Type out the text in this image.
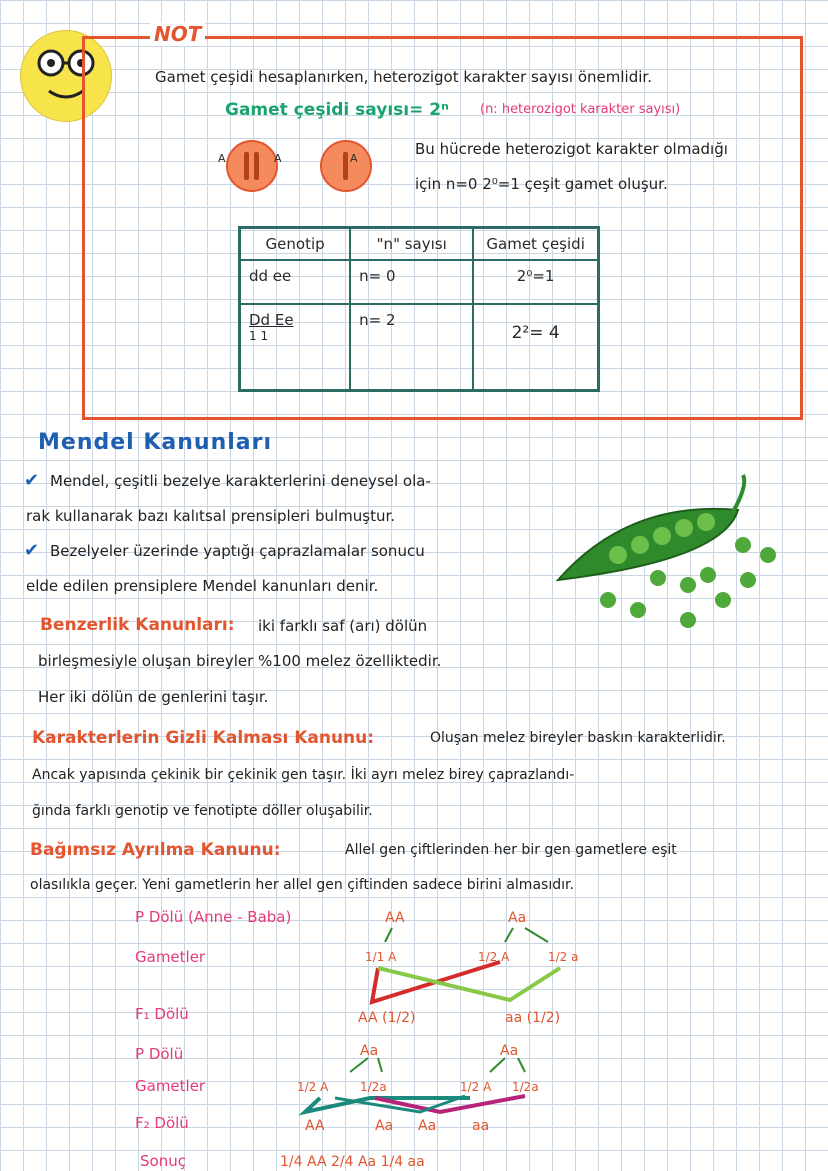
NOT
Gamet çeşidi hesaplanırken, heterozigot karakter sayısı önemlidir.
Gamet çeşidi sayısı= 2ⁿ (n: heterozigot karakter sayısı)
A	A	A
Bu hücrede heterozigot karakter olmadığı
için n=0 2⁰=1 çeşit gamet oluşur.
Genotip	"n" sayısı	Gamet çeşidi
dd ee	n= 0	2⁰=1

Dd Ee
1 1	n= 2	2²= 4
Mendel Kanunları
✔ Mendel, çeşitli bezelye karakterlerini deneysel ola-
rak kullanarak bazı kalıtsal prensipleri bulmuştur.
✔ Bezelyeler üzerinde yaptığı çaprazlamalar sonucu
elde edilen prensiplere Mendel kanunları denir.
Benzerlik Kanunları: iki farklı saf (arı) dölün
birleşmesiyle oluşan bireyler %100 melez özelliktedir.
Her iki dölün de genlerini taşır.
Karakterlerin Gizli Kalması Kanunu:	Oluşan melez bireyler baskın karakterlidir.
Ancak yapısında çekinik bir çekinik gen taşır. İki ayrı melez birey çaprazlandı-
ğında farklı genotip ve fenotipte döller oluşabilir.
Bağımsız Ayrılma Kanunu:	Allel gen çiftlerinden her bir gen gametlere eşit
olasılıkla geçer. Yeni gametlerin her allel gen çiftinden sadece birini almasıdır.
P Dölü (Anne - Baba)
Gametler
F₁ Dölü
P Dölü
Gametler
F₂ Dölü
Sonuç
AA	Aa
1/1 A	1/2 A	1/2 a
AA (1/2)	aa (1/2)
Aa	Aa
1/2 A	1/2a	1/2 A 1/2a
AA	Aa Aa	aa
1/4 AA 2/4 Aa 1/4 aa
